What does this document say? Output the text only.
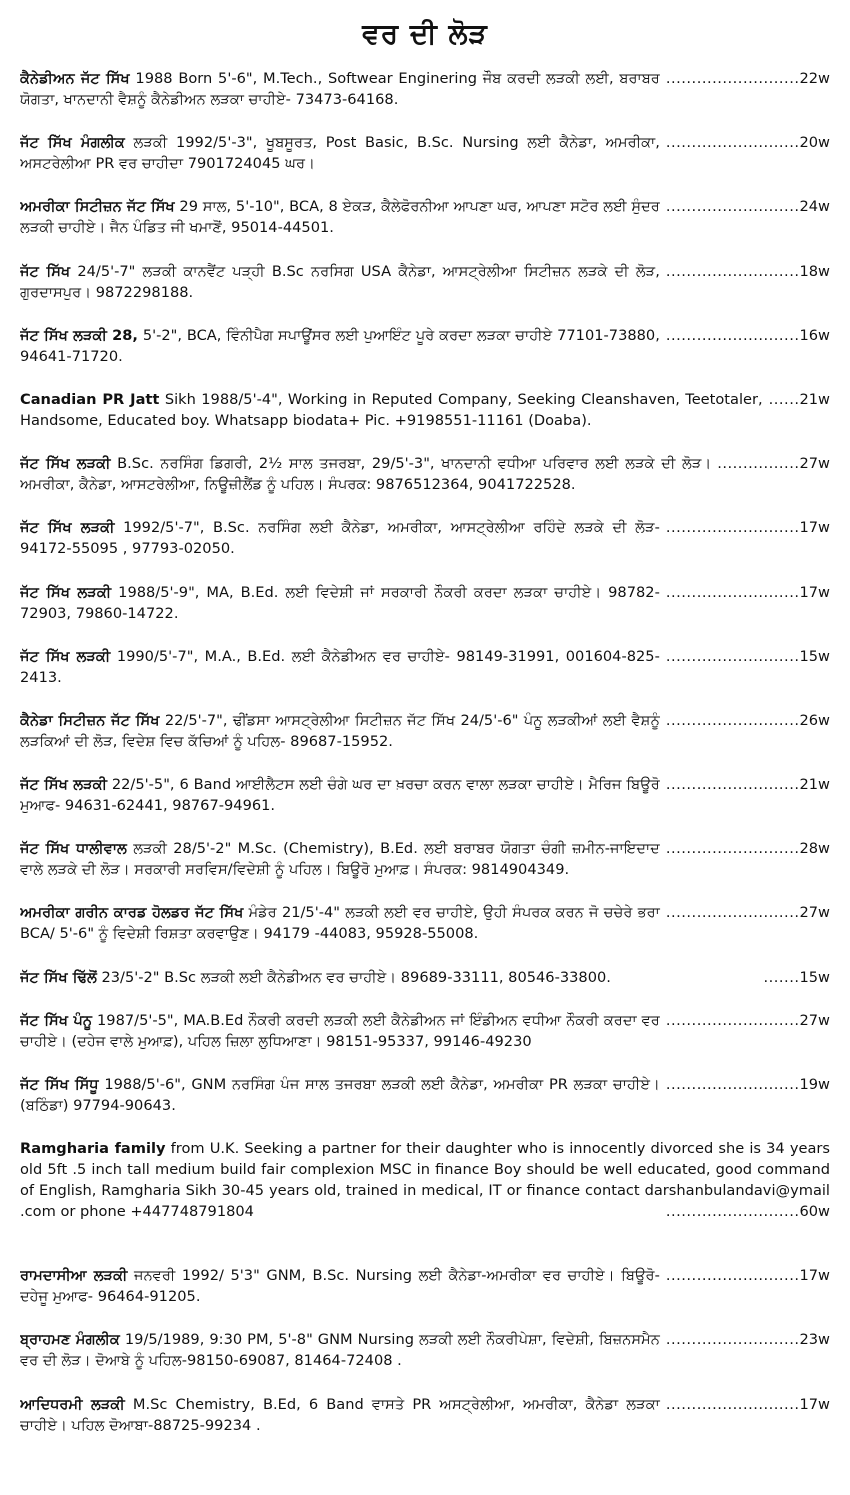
ਵਰ ਦੀ ਲੋੜ
..........................22w
ਕੈਨੇਡੀਅਨ ਜੱਟ ਸਿੱਖ 1988 Born 5'-6", M.Tech., Softwear Enginering ਜੌਬ ਕਰਦੀ ਲੜਕੀ ਲਈ, ਬਰਾਬਰ ਯੋਗਤਾ, ਖਾਨਦਾਨੀ ਵੈਸ਼ਨੂੰ ਕੈਨੇਡੀਅਨ ਲੜਕਾ ਚਾਹੀਏ- 73473-64168.
..........................20w
ਜੱਟ ਸਿੱਖ ਮੰਗਲੀਕ ਲੜਕੀ 1992/5'-3", ਖੂਬਸੂਰਤ, Post Basic, B.Sc. Nursing ਲਈ ਕੈਨੇਡਾ, ਅਮਰੀਕਾ, ਅਸਟਰੇਲੀਆ PR ਵਰ ਚਾਹੀਦਾ 7901724045 ਘਰ।
..........................24w
ਅਮਰੀਕਾ ਸਿਟੀਜ਼ਨ ਜੱਟ ਸਿੱਖ 29 ਸਾਲ, 5'-10", BCA, 8 ਏਕੜ, ਕੈਲੇਫੋਰਨੀਆ ਆਪਣਾ ਘਰ, ਆਪਣਾ ਸਟੋਰ ਲਈ ਸੁੰਦਰ ਲੜਕੀ ਚਾਹੀਏ। ਜੈਨ ਪੰਡਿਤ ਜੀ ਖਮਾਣੋਂ, 95014-44501.
..........................18w
ਜੱਟ ਸਿੱਖ 24/5'-7" ਲੜਕੀ ਕਾਨਵੈਂਟ ਪੜ੍ਹੀ B.Sc ਨਰਸਿਗ USA ਕੈਨੇਡਾ, ਆਸਟ੍ਰੇਲੀਆ ਸਿਟੀਜ਼ਨ ਲੜਕੇ ਦੀ ਲੋੜ, ਗੁਰਦਾਸਪੁਰ। 9872298188.
..........................16w
ਜੱਟ ਸਿੱਖ ਲੜਕੀ 28, 5'-2", BCA, ਵਿੰਨੀਪੈਗ ਸਪਾਊਂਸਰ ਲਈ ਪੁਆਇੰਟ ਪੂਰੇ ਕਰਦਾ ਲੜਕਾ ਚਾਹੀਏ 77101-73880, 94641-71720.
......21w
Canadian PR Jatt Sikh 1988/5'-4", Working in Reputed Company, Seeking Cleanshaven, Teetotaler, Handsome, Educated boy. Whatsapp biodata+ Pic. +9198551-11161 (Doaba).
................27w
ਜੱਟ ਸਿੱਖ ਲੜਕੀ B.Sc. ਨਰਸਿੰਗ ਡਿਗਰੀ, 2½ ਸਾਲ ਤਜਰਬਾ, 29/5'-3", ਖਾਨਦਾਨੀ ਵਧੀਆ ਪਰਿਵਾਰ ਲਈ ਲੜਕੇ ਦੀ ਲੋੜ। ਅਮਰੀਕਾ, ਕੈਨੇਡਾ, ਆਸਟਰੇਲੀਆ, ਨਿਊਜ਼ੀਲੈਂਡ ਨੂੰ ਪਹਿਲ। ਸੰਪਰਕ: 9876512364, 9041722528.
..........................17w
ਜੱਟ ਸਿੱਖ ਲੜਕੀ 1992/5'-7", B.Sc. ਨਰਸਿੰਗ ਲਈ ਕੈਨੇਡਾ, ਅਮਰੀਕਾ, ਆਸਟ੍ਰੇਲੀਆ ਰਹਿੰਦੇ ਲੜਕੇ ਦੀ ਲੋੜ- 94172-55095 , 97793-02050.
..........................17w
ਜੱਟ ਸਿੱਖ ਲੜਕੀ 1988/5'-9", MA, B.Ed. ਲਈ ਵਿਦੇਸ਼ੀ ਜਾਂ ਸਰਕਾਰੀ ਨੌਕਰੀ ਕਰਦਾ ਲੜਕਾ ਚਾਹੀਏ। 98782-72903, 79860-14722.
..........................15w
ਜੱਟ ਸਿੱਖ ਲੜਕੀ 1990/5'-7", M.A., B.Ed. ਲਈ ਕੈਨੇਡੀਅਨ ਵਰ ਚਾਹੀਏ- 98149-31991, 001604-825-2413.
..........................26w
ਕੈਨੇਡਾ ਸਿਟੀਜ਼ਨ ਜੱਟ ਸਿੱਖ 22/5'-7", ਢੀਂਡਸਾ ਆਸਟ੍ਰੇਲੀਆ ਸਿਟੀਜ਼ਨ ਜੱਟ ਸਿੱਖ 24/5'-6" ਪੰਨੂ ਲੜਕੀਆਂ ਲਈ ਵੈਸ਼ਨੂੰ ਲੜਕਿਆਂ ਦੀ ਲੋੜ, ਵਿਦੇਸ਼ ਵਿਚ ਕੱਚਿਆਂ ਨੂੰ ਪਹਿਲ- 89687-15952.
..........................21w
ਜੱਟ ਸਿੱਖ ਲੜਕੀ 22/5'-5", 6 Band ਆਈਲੈਟਸ ਲਈ ਚੰਗੇ ਘਰ ਦਾ ਖ਼ਰਚਾ ਕਰਨ ਵਾਲਾ ਲੜਕਾ ਚਾਹੀਏ। ਮੈਰਿਜ ਬਿਊਰੋ ਮੁਆਫ- 94631-62441, 98767-94961.
..........................28w
ਜੱਟ ਸਿੱਖ ਧਾਲੀਵਾਲ ਲੜਕੀ 28/5'-2" M.Sc. (Chemistry), B.Ed. ਲਈ ਬਰਾਬਰ ਯੋਗਤਾ ਚੰਗੀ ਜ਼ਮੀਨ-ਜਾਇਦਾਦ ਵਾਲੇ ਲੜਕੇ ਦੀ ਲੋੜ। ਸਰਕਾਰੀ ਸਰਵਿਸ/ਵਿਦੇਸ਼ੀ ਨੂੰ ਪਹਿਲ। ਬਿਊਰੋ ਮੁਆਫ਼। ਸੰਪਰਕ: 9814904349.
..........................27w
ਅਮਰੀਕਾ ਗਰੀਨ ਕਾਰਡ ਹੋਲਡਰ ਜੱਟ ਸਿੱਖ ਮੰਡੇਰ 21/5'-4" ਲੜਕੀ ਲਈ ਵਰ ਚਾਹੀਏ, ਉਹੀ ਸੰਪਰਕ ਕਰਨ ਜੋ ਚਚੇਰੇ ਭਰਾ BCA/ 5'-6" ਨੂੰ ਵਿਦੇਸ਼ੀ ਰਿਸ਼ਤਾ ਕਰਵਾਉਣ। 94179 -44083, 95928-55008.
.......15w
ਜੱਟ ਸਿੱਖ ਢਿੱਲੋਂ 23/5'-2" B.Sc ਲੜਕੀ ਲਈ ਕੈਨੇਡੀਅਨ ਵਰ ਚਾਹੀਏ। 89689-33111, 80546-33800.
..........................27w
ਜੱਟ ਸਿੱਖ ਪੰਨੂ 1987/5'-5", MA.B.Ed ਨੌਕਰੀ ਕਰਦੀ ਲੜਕੀ ਲਈ ਕੈਨੇਡੀਅਨ ਜਾਂ ਇੰਡੀਅਨ ਵਧੀਆ ਨੌਕਰੀ ਕਰਦਾ ਵਰ ਚਾਹੀਏ। (ਦਹੇਜ ਵਾਲੇ ਮੁਆਫ਼), ਪਹਿਲ ਜ਼ਿਲਾ ਲੁਧਿਆਣਾ। 98151-95337, 99146-49230
..........................19w
ਜੱਟ ਸਿੱਖ ਸਿੱਧੂ 1988/5'-6", GNM ਨਰਸਿੰਗ ਪੰਜ ਸਾਲ ਤਜਰਬਾ ਲੜਕੀ ਲਈ ਕੈਨੇਡਾ, ਅਮਰੀਕਾ PR ਲੜਕਾ ਚਾਹੀਏ। (ਬਠਿੰਡਾ) 97794-90643.
Ramgharia family from U.K. Seeking a partner for their daughter who is innocently divorced she is 34 years old 5ft .5 inch tall medium build fair complexion MSC in finance Boy should be well educated, good command of English, Ramgharia Sikh 30-45 years old, trained in medical, IT or finance contact darshanbulandavi@ymail .com or phone +447748791804	..........................60w
..........................17w
ਰਾਮਦਾਸੀਆ ਲੜਕੀ ਜਨਵਰੀ 1992/ 5'3" GNM, B.Sc. Nursing ਲਈ ਕੈਨੇਡਾ-ਅਮਰੀਕਾ ਵਰ ਚਾਹੀਏ। ਬਿਊਰੋ-ਦਹੇਜੂ ਮੁਆਫ- 96464-91205.
..........................23w
ਬ੍ਰਾਹਮਣ ਮੰਗਲੀਕ 19/5/1989, 9:30 PM, 5'-8" GNM Nursing ਲੜਕੀ ਲਈ ਨੌਕਰੀਪੇਸ਼ਾ, ਵਿਦੇਸ਼ੀ, ਬਿਜ਼ਨਸਮੈਨ ਵਰ ਦੀ ਲੋੜ। ਦੋਆਬੇ ਨੂੰ ਪਹਿਲ-98150-69087, 81464-72408 .
..........................17w
ਆਦਿਧਰਮੀ ਲੜਕੀ M.Sc Chemistry, B.Ed, 6 Band ਵਾਸਤੇ PR ਅਸਟ੍ਰੇਲੀਆ, ਅਮਰੀਕਾ, ਕੈਨੇਡਾ ਲੜਕਾ ਚਾਹੀਏ। ਪਹਿਲ ਦੋਆਬਾ-88725-99234 .
